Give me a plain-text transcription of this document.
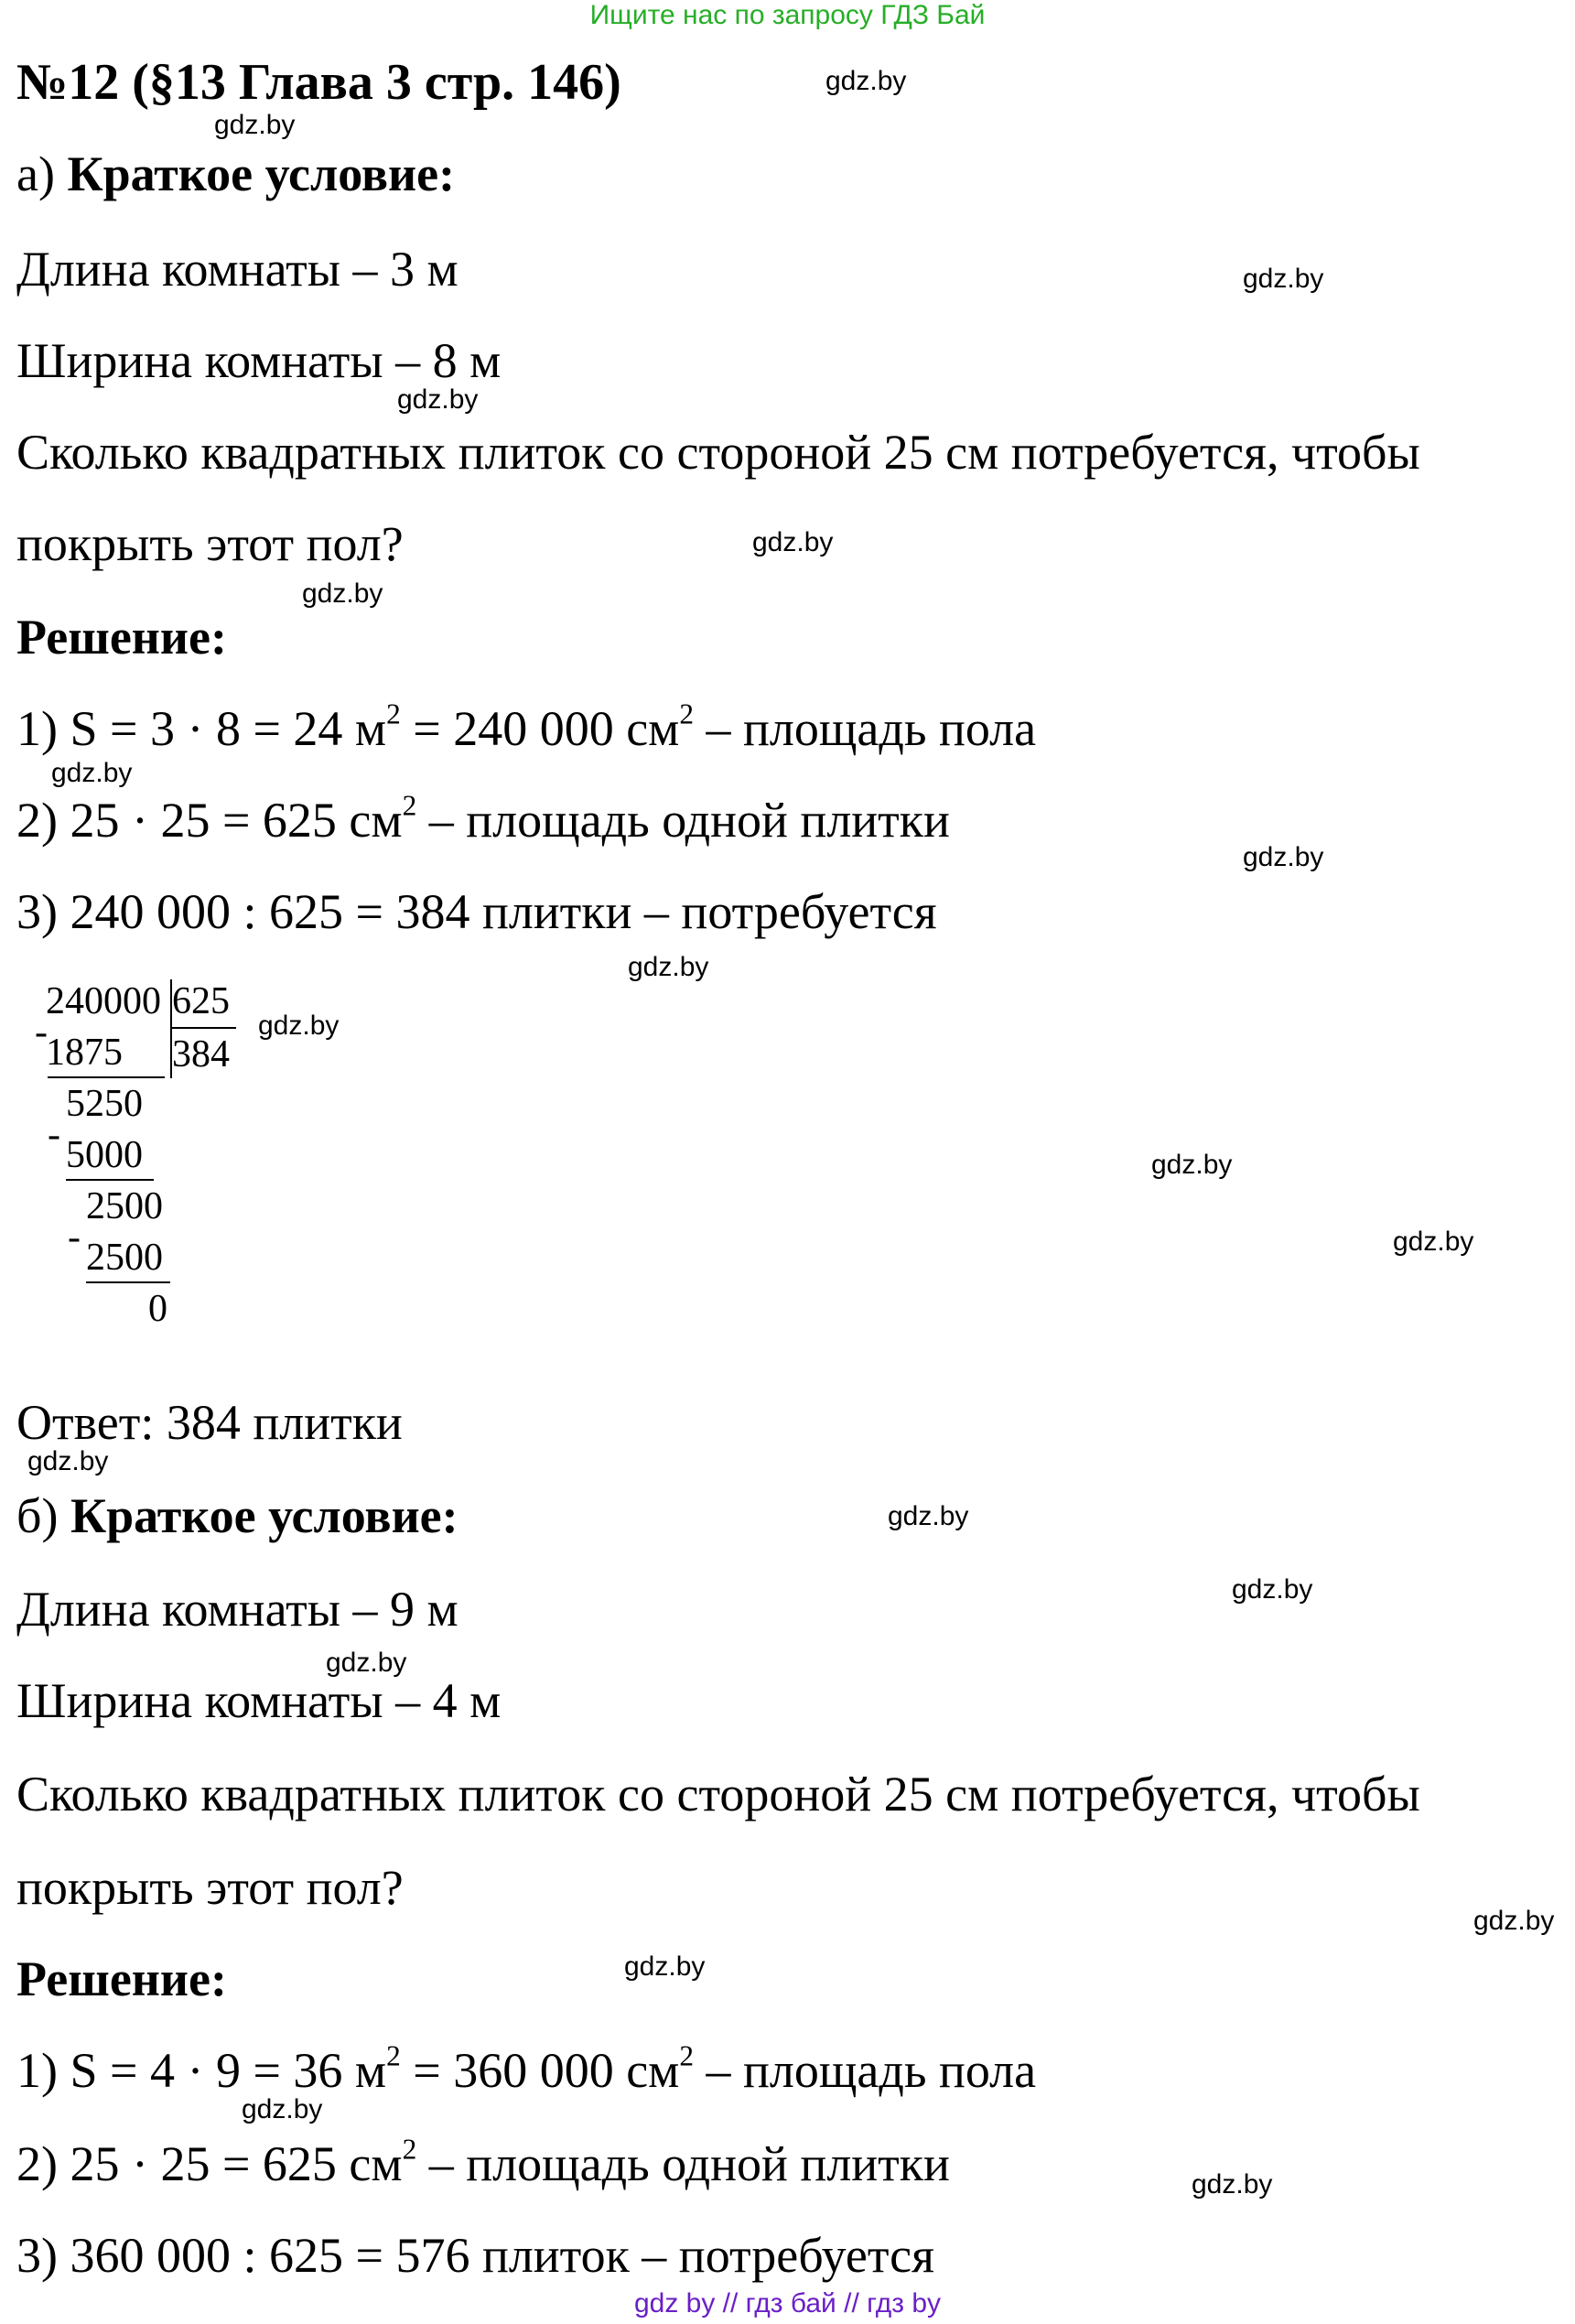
Ищите нас по запросу ГДЗ Бай
№12 (§13 Глава 3 стр. 146)
а) Краткое условие:
Длина комнаты – 3 м
Ширина комнаты – 8 м
Сколько квадратных плиток со стороной 25 см потребуется, чтобы
покрыть этот пол?
Решение:
1) S = 3 · 8 = 24 $м^2 = 240$ 000 $см^2$ – площадь пола
2) 25 · 25 = 625 $см^2$ – площадь одной плитки
3) 240 000 : 625 = 384 плитки – потребуется
240000 625
384
-
1875
5250
- 5000
2500
- 2500
0
Ответ: 384 плитки
б) Краткое условие:
Длина комнаты – 9 м
Ширина комнаты – 4 м
Сколько квадратных плиток со стороной 25 см потребуется, чтобы
покрыть этот пол?
Решение:
1) S = 4 · 9 = 36 $м^2 = 360$ 000 $см^2$ – площадь пола
2) 25 · 25 = 625 $см^2$ – площадь одной плитки
3) 360 000 : 625 = 576 плиток – потребуется
gdz.by
gdz.by
gdz.by
gdz.by
gdz.by
gdz.by
gdz.by
gdz.by
gdz.by
gdz.by
gdz.by
gdz.by
gdz.by
gdz.by
gdz.by
gdz.by
gdz.by
gdz.by
gdz.by
gdz.by
gdz by // гдз бай // гдз by
